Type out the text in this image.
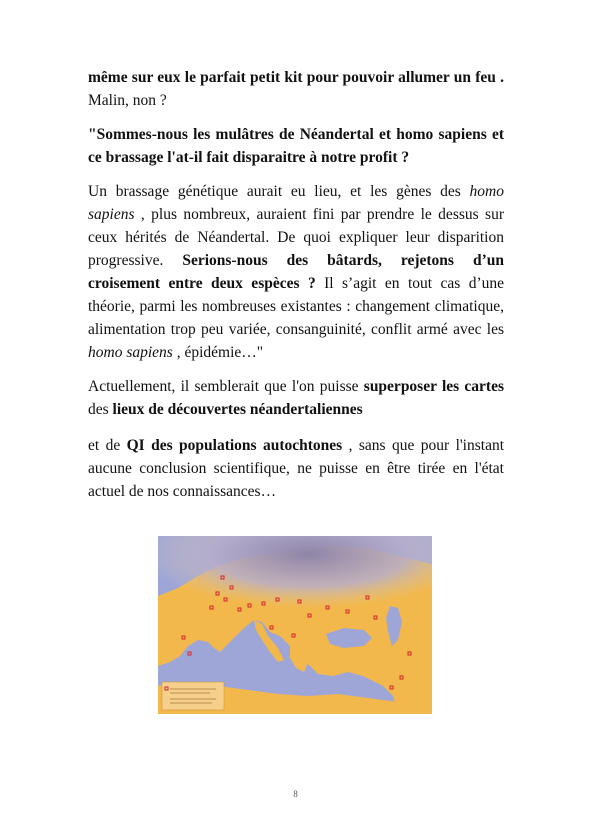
même sur eux le parfait petit kit pour pouvoir allumer un feu . Malin, non ?

"Sommes-nous les mulâtres de Néandertal et homo sapiens et ce brassage l'at-il fait disparaitre à notre profit ?

Un brassage génétique aurait eu lieu, et les gènes des homo sapiens , plus nombreux, auraient fini par prendre le dessus sur ceux hérités de Néandertal. De quoi expliquer leur disparition progressive. Serions-nous des bâtards, rejetons d’un croisement entre deux espèces ? Il s’agit en tout cas d’une théorie, parmi les nombreuses existantes : changement climatique, alimentation trop peu variée, consanguinité, conflit armé avec les homo sapiens , épidémie…"

Actuellement, il semblerait que l'on puisse superposer les cartes des lieux de découvertes néandertaliennes

et de QI des populations autochtones , sans que pour l'instant aucune conclusion scientifique, ne puisse en être tirée en l'état actuel de nos connaissances…

8
